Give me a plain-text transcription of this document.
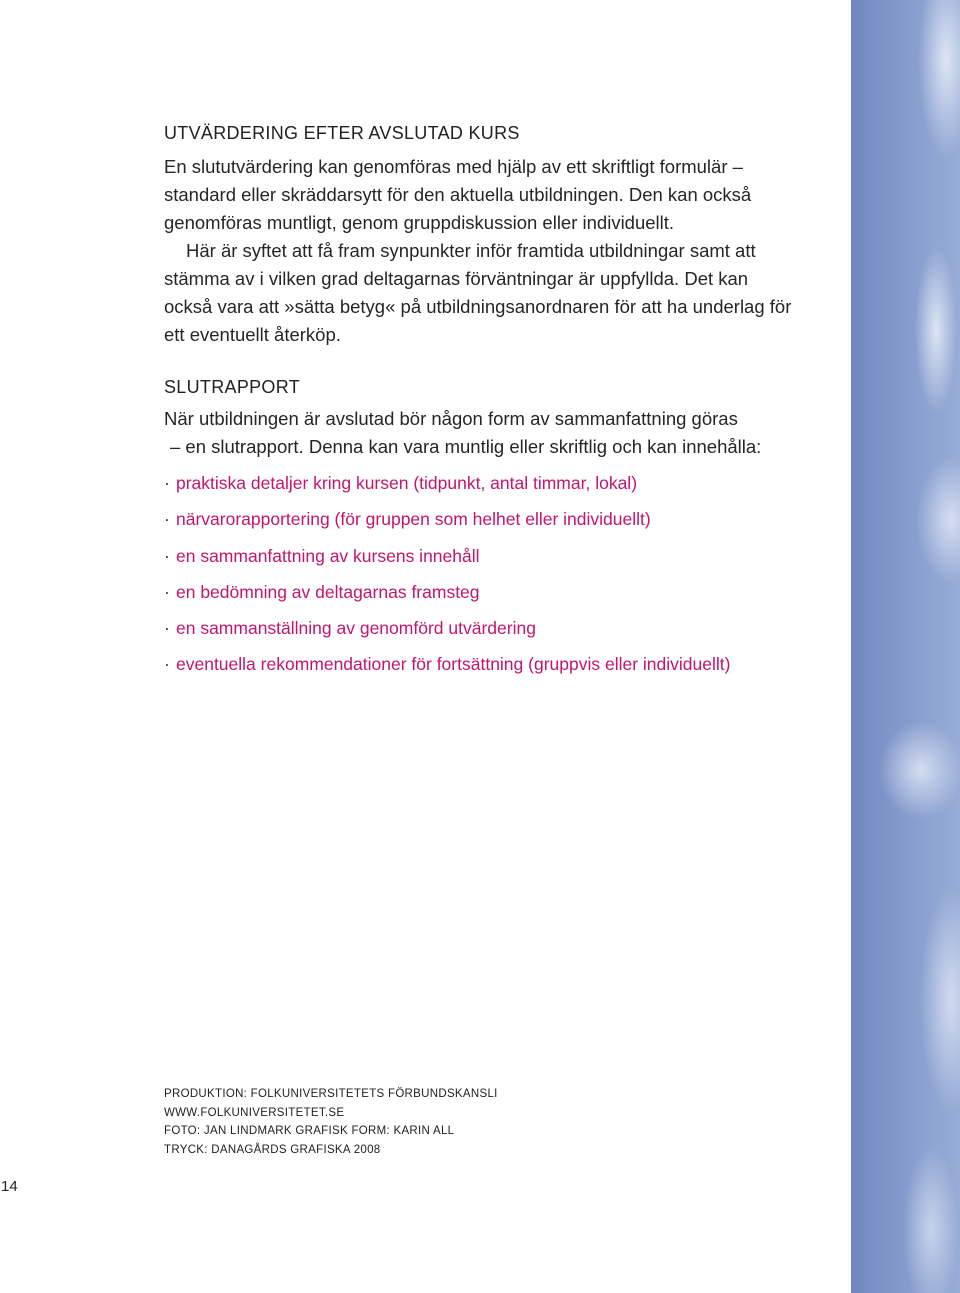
UTVÄRDERING EFTER AVSLUTAD KURS

En slututvärdering kan genomföras med hjälp av ett skriftligt formulär –

standard eller skräddarsytt för den aktuella utbildningen. Den kan också

genomföras muntligt, genom gruppdiskussion eller individuellt.

Här är syftet att få fram synpunkter inför framtida utbildningar samt att

stämma av i vilken grad deltagarnas förväntningar är uppfyllda. Det kan

också vara att »sätta betyg« på utbildningsanordnaren för att ha underlag för

ett eventuellt återköp.

SLUTRAPPORT

När utbildningen är avslutad bör någon form av sammanfattning göras

– en slutrapport. Denna kan vara muntlig eller skriftlig och kan innehålla:

· praktiska detaljer kring kursen (tidpunkt, antal timmar, lokal)
· närvarorapportering (för gruppen som helhet eller individuellt)
· en sammanfattning av kursens innehåll
· en bedömning av deltagarnas framsteg
· en sammanställning av genomförd utvärdering
· eventuella rekommendationer för fortsättning (gruppvis eller individuellt)
PRODUKTION: FOLKUNIVERSITETETS FÖRBUNDSKANSLI
WWW.FOLKUNIVERSITETET.SE
FOTO: JAN LINDMARK GRAFISK FORM: KARIN ALL
TRYCK: DANAGÅRDS GRAFISKA 2008
14
